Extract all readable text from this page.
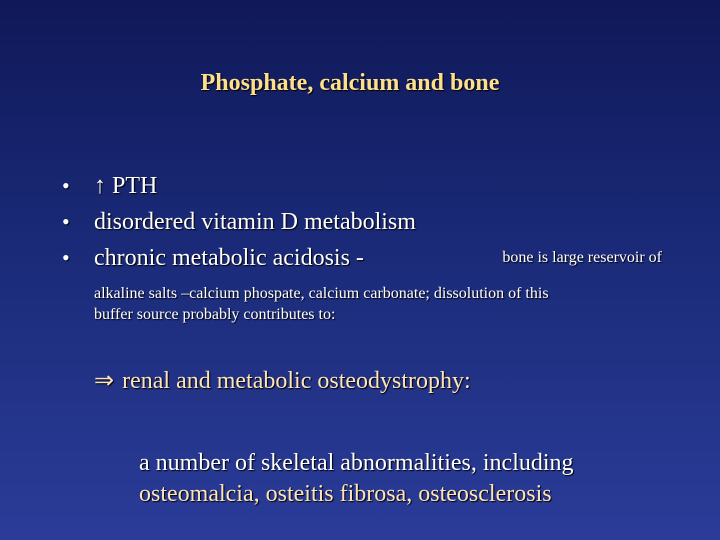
Phosphate, calcium and bone
•	↑ PTH
•	disordered vitamin D metabolism
•	chronic metabolic acidosis -	bone is large reservoir of
alkaline salts –calcium phospate, calcium carbonate; dissolution of this
buffer source probably contributes to:
⇒ renal and metabolic osteodystrophy:
a number of skeletal abnormalities, including
osteomalcia, osteitis fibrosa, osteosclerosis
